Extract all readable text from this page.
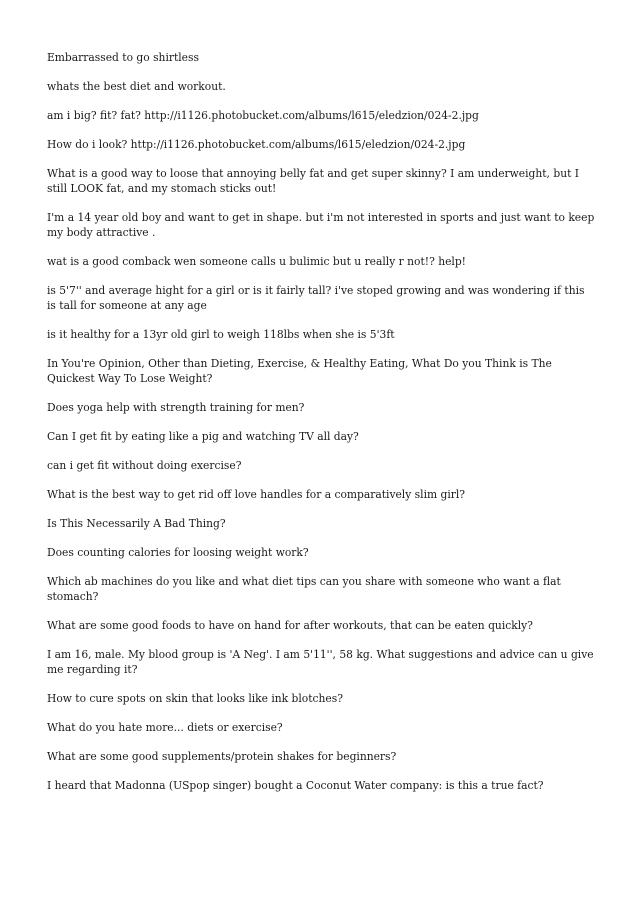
Embarrassed to go shirtless

whats the best diet and workout.

am i big? fit? fat? http://i1126.photobucket.com/albums/l615/eledzion/024-2.jpg

How do i look? http://i1126.photobucket.com/albums/l615/eledzion/024-2.jpg

What is a good way to loose that annoying belly fat and get super skinny? I am underweight, but I still LOOK fat, and my stomach sticks out!

I'm a 14 year old boy and want to get in shape. but i'm not interested in sports and just want to keep my body attractive .

wat is a good comback wen someone calls u bulimic but u really r not!? help!

is 5'7'' and average hight for a girl or is it fairly tall? i've stoped growing and was wondering if this is tall for someone at any age

is it healthy for a 13yr old girl to weigh 118lbs when she is 5'3ft

In You're Opinion, Other than Dieting, Exercise, & Healthy Eating, What Do you Think is The Quickest Way To Lose Weight?

Does yoga help with strength training for men?

Can I get fit by eating like a pig and watching TV all day?

can i get fit without doing exercise?

What is the best way to get rid off love handles for a comparatively slim girl?

Is This Necessarily A Bad Thing?

Does counting calories for loosing weight work?

Which ab machines do you like and what diet tips can you share with someone who want a flat stomach?

What are some good foods to have on hand for after workouts, that can be eaten quickly?

I am 16, male. My blood group is 'A Neg'. I am 5'11'', 58 kg. What suggestions and advice can u give me regarding it?

How to cure spots on skin that looks like ink blotches?

What do you hate more... diets or exercise?

What are some good supplements/protein shakes for beginners?

I heard that Madonna (USpop singer) bought a Coconut Water company: is this a true fact?
